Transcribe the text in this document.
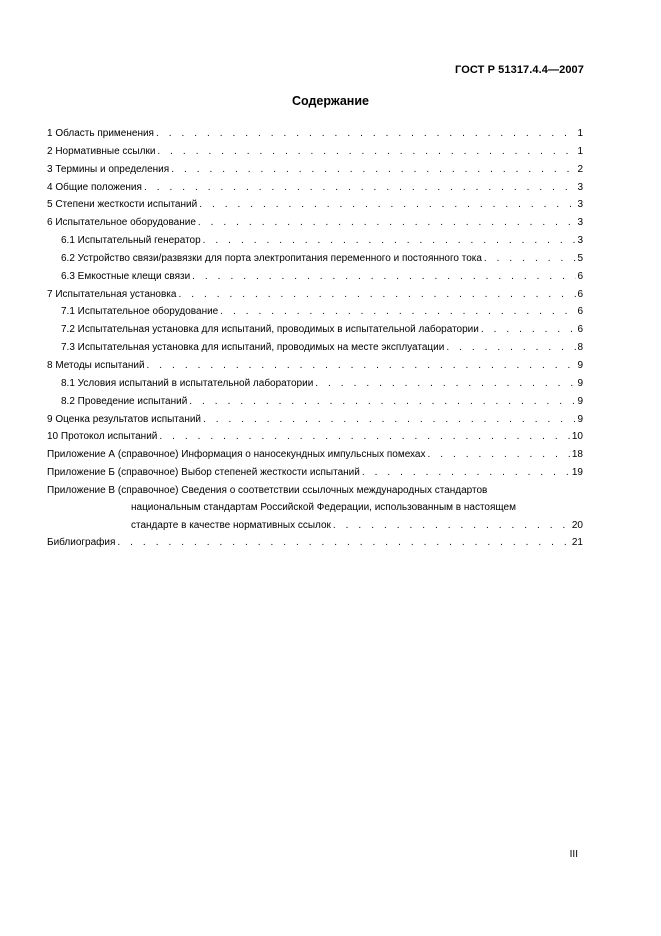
ГОСТ Р 51317.4.4—2007
Содержание
1 Область применения . . .	1
2 Нормативные ссылки . . .	1
3 Термины и определения . . .	2
4 Общие положения . . .	3
5 Степени жесткости испытаний . . .	3
6 Испытательное оборудование . . .	3
6.1 Испытательный генератор . . .	3
6.2 Устройство связи/развязки для порта электропитания переменного и постоянного тока . . .	5
6.3 Емкостные клещи связи . . .	6
7 Испытательная установка . . .	6
7.1 Испытательное оборудование . . .	6
7.2 Испытательная установка для испытаний, проводимых в испытательной лаборатории . . .	6
7.3 Испытательная установка для испытаний, проводимых на месте эксплуатации . . .	8
8 Методы испытаний . . .	9
8.1 Условия испытаний в испытательной лаборатории . . .	9
8.2 Проведение испытаний . . .	9
9 Оценка результатов испытаний . . .	9
10 Протокол испытаний . . .	10
Приложение А (справочное) Информация о наносекундных импульсных помехах . . .	18
Приложение Б (справочное) Выбор степеней жесткости испытаний . . .	19
Приложение В (справочное) Сведения о соответствии ссылочных международных стандартов
национальным стандартам Российской Федерации, использованным в настоящем
стандарте в качестве нормативных ссылок . . .	20
Библиография . . .	21
III
